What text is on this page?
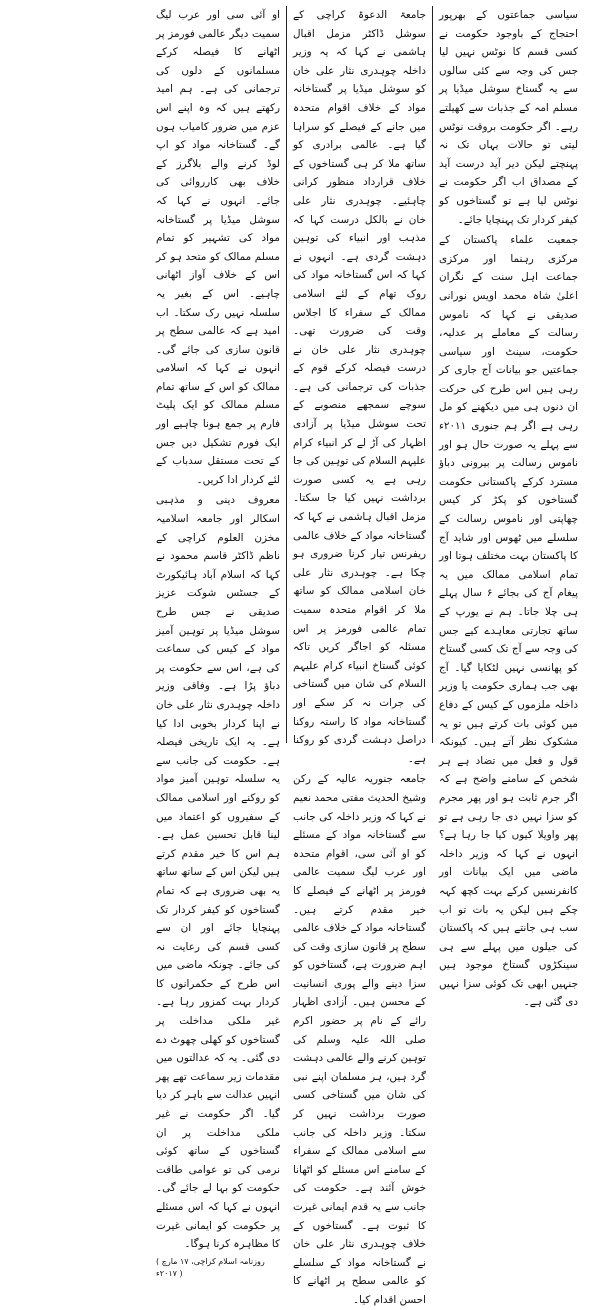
سیاسی جماعتوں کے بھرپور احتجاج کے باوجود حکومت نے کسی قسم کا نوٹس نہیں لیا جس کی وجہ سے کئی سالوں سے یہ گستاخ سوشل میڈیا پر مسلم امہ کے جذبات سے کھیلتے رہے۔ اگر حکومت بروقت نوٹس لیتی تو حالات یہاں تک نہ پہنچتے لیکن دیر آید درست آید کے مصداق اب اگر حکومت نے نوٹس لیا ہے تو گستاخوں کو کیفر کردار تک پہنچایا جائے۔

جمعیت علماء پاکستان کے مرکزی رہنما اور مرکزی جماعت اہل سنت کے نگران اعلیٰ شاہ محمد اویس نورانی صدیقی نے کہا کہ ناموس رسالت کے معاملے پر عدلیہ، حکومت، سینٹ اور سیاسی جماعتیں جو بیانات آج جاری کر رہی ہیں اس طرح کی حرکت ان دنوں ہی میں دیکھنے کو مل رہی ہے اگر ہم جنوری ۲۰۱۱ء سے پہلے یہ صورت حال ہو اور ناموس رسالت پر بیرونی دباؤ مسترد کرکے پاکستانی حکومت گستاخوں کو پکڑ کر کیس چھاپتی اور ناموس رسالت کے سلسلے میں ٹھوس اور شاید آج کا پاکستان بہت مختلف ہوتا اور تمام اسلامی ممالک میں یہ پیغام آج کی بجائے ۶ سال پہلے ہی چلا جاتا۔ ہم نے یورپ کے ساتھ تجارتی معاہدے کیے جس کی وجہ سے آج تک کسی گستاخ کو پھانسی نہیں لٹکایا گیا۔ آج بھی جب ہماری حکومت یا وزیر داخلہ ملزموں کے کیس کے دفاع میں کوئی بات کرتے ہیں تو یہ مشکوک نظر آتے ہیں۔ کیونکہ قول و فعل میں تضاد ہے ہر شخص کے سامنے واضح ہے کہ اگر جرم ثابت ہو اور پھر مجرم کو سزا نہیں دی جا رہی ہے تو پھر واویلا کیوں کیا جا رہا ہے؟ انہوں نے کہا کہ وزیر داخلہ ماضی میں ایک بیانات اور کانفرنسیں کرکے بہت کچھ کہہ چکے ہیں لیکن یہ بات تو اب سب ہی جانتے ہیں کہ پاکستان کی جیلوں میں پہلے سے ہی سینکڑوں گستاخ موجود ہیں جنہیں ابھی تک کوئی سزا نہیں دی گئی ہے۔

جامعۃ الدعوۃ کراچی کے سوشل ڈاکٹر مزمل اقبال ہاشمی نے کہا کہ یہ وزیر داخلہ چوہدری نثار علی خان کو سوشل میڈیا پر گستاخانہ مواد کے خلاف اقوام متحدہ میں جانے کے فیصلے کو سراہا گیا ہے۔ عالمی برادری کو ساتھ ملا کر ہی گستاخوں کے خلاف قرارداد منظور کرانی چاہئیے۔ چوہدری نثار علی خان نے بالکل درست کہا کہ مذہب اور انبیاء کی توہین دہشت گردی ہے۔ انہوں نے کہا کہ اس گستاخانہ مواد کی روک تھام کے لئے اسلامی ممالک کے سفراء کا اجلاس وقت کی ضرورت تھی۔ چوہدری نثار علی خان نے درست فیصلہ کرکے قوم کے جذبات کی ترجمانی کی ہے۔ سوچے سمجھے منصوبے کے تحت سوشل میڈیا پر آزادی اظہار کی آڑ لے کر انبیاء کرام علیہم السلام کی توہین کی جا رہی ہے یہ کسی صورت برداشت نہیں کیا جا سکتا۔ مزمل اقبال ہاشمی نے کہا کہ گستاخانہ مواد کے خلاف عالمی ریفرنس تیار کرنا ضروری ہو چکا ہے۔ چوہدری نثار علی خان اسلامی ممالک کو ساتھ ملا کر اقوام متحدہ سمیت تمام عالمی فورمز پر اس مسئلہ کو اجاگر کریں تاکہ کوئی گستاخ انبیاء کرام علیہم السلام کی شان میں گستاخی کی جرات نہ کر سکے اور گستاخانہ مواد کا راستہ روکنا دراصل دہشت گردی کو روکنا ہے۔

جامعہ جنوریہ عالیہ کے رکن وشیخ الحدیث مفتی محمد نعیم نے کہا کہ وزیر داخلہ کی جانب سے گستاخانہ مواد کے مسئلے کو او آئی سی، اقوام متحدہ اور عرب لیگ سمیت عالمی فورمز پر اٹھانے کے فیصلے کا خیر مقدم کرتے ہیں۔ گستاخانہ مواد کے خلاف عالمی سطح پر قانون سازی وقت کی اہم ضرورت ہے، گستاخوں کو سزا دینے والے پوری انسانیت کے محسن ہیں۔ آزادی اظہار رائے کے نام پر حضور اکرم صلی اللہ علیہ وسلم کی توہین کرنے والے عالمی دہشت گرد ہیں، ہر مسلمان اپنے نبی کی شان میں گستاخی کسی صورت برداشت نہیں کر سکتا۔ وزیر داخلہ کی جانب سے اسلامی ممالک کے سفراء کے سامنے اس مسئلے کو اٹھانا خوش آئند ہے۔ حکومت کی جانب سے یہ قدم ایمانی غیرت کا ثبوت ہے۔ گستاخوں کے خلاف چوہدری نثار علی خان نے گستاخانہ مواد کے سلسلے کو عالمی سطح پر اٹھانے کا احسن اقدام کیا۔

او آئی سی اور عرب لیگ سمیت دیگر عالمی فورمز پر اٹھانے کا فیصلہ کرکے مسلمانوں کے دلوں کی ترجمانی کی ہے۔ ہم امید رکھتے ہیں کہ وہ اپنے اس عزم میں ضرور کامیاب ہوں گے۔ گستاخانہ مواد کو اپ لوڈ کرنے والے بلاگرز کے خلاف بھی کارروائی کی جائے۔ انہوں نے کہا کہ سوشل میڈیا پر گستاخانہ مواد کی تشہیر کو تمام مسلم ممالک کو متحد ہو کر اس کے خلاف آواز اٹھانی چاہیے۔ اس کے بغیر یہ سلسلہ نہیں رک سکتا۔ اب امید ہے کہ عالمی سطح پر قانون سازی کی جائے گی۔ انہوں نے کہا کہ اسلامی ممالک کو اس کے ساتھ تمام مسلم ممالک کو ایک پلیٹ فارم پر جمع ہونا چاہیے اور ایک فورم تشکیل دیں جس کے تحت مستقل سدباب کے لئے کردار ادا کریں۔

معروف دینی و مذہبی اسکالر اور جامعہ اسلامیہ مخزن العلوم کراچی کے ناظم ڈاکٹر قاسم محمود نے کہا کہ اسلام آباد ہائیکورٹ کے جسٹس شوکت عزیز صدیقی نے جس طرح سوشل میڈیا پر توہین آمیز مواد کے کیس کی سماعت کی ہے، اس سے حکومت پر دباؤ پڑا ہے۔ وفاقی وزیر داخلہ چوہدری نثار علی خان نے اپنا کردار بخوبی ادا کیا ہے۔ یہ ایک تاریخی فیصلہ ہے۔ حکومت کی جانب سے یہ سلسلہ توہین آمیز مواد کو روکنے اور اسلامی ممالک کے سفیروں کو اعتماد میں لینا قابل تحسین عمل ہے۔ ہم اس کا خیر مقدم کرتے ہیں لیکن اس کے ساتھ ساتھ یہ بھی ضروری ہے کہ تمام گستاخوں کو کیفر کردار تک پہنچایا جائے اور ان سے کسی قسم کی رعایت نہ کی جائے۔ چونکہ ماضی میں اس طرح کے حکمرانوں کا کردار بہت کمزور رہا ہے۔ غیر ملکی مداخلت پر گستاخوں کو کھلی چھوٹ دے دی گئی۔ یہ کہ عدالتوں میں مقدمات زیر سماعت تھے پھر انہیں عدالت سے باہر کر دیا گیا۔ اگر حکومت نے غیر ملکی مداخلت پر ان گستاخوں کے ساتھ کوئی نرمی کی تو عوامی طاقت حکومت کو بہا لے جائے گی۔ انہوں نے کہا کہ اس مسئلے پر حکومت کو ایمانی غیرت کا مظاہرہ کرنا ہوگا۔

( روزنامہ اسلام کراچی، ۱۷ مارچ ۲۰۱۷ء )
